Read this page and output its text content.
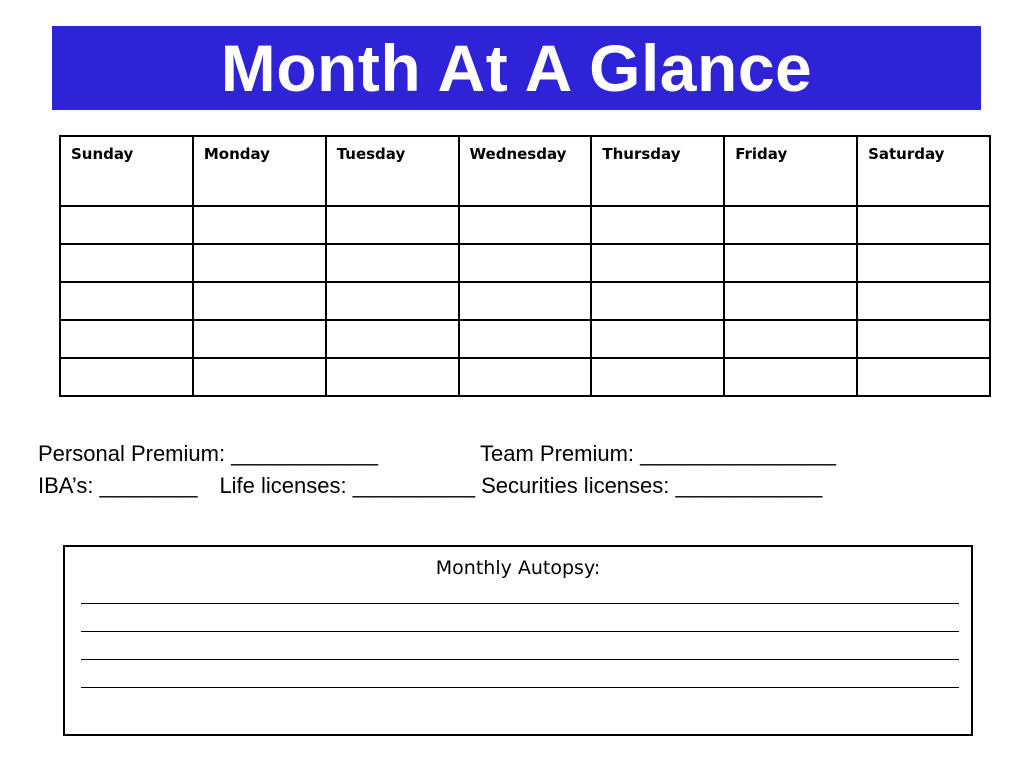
Month At A Glance
Sunday	Monday	Tuesday	Wednesday	Thursday	Friday	Saturday

Personal Premium: ____________	Team Premium: ________________
IBA’s: ________ Life licenses: __________ Securities licenses: ____________
Monthly Autopsy:
